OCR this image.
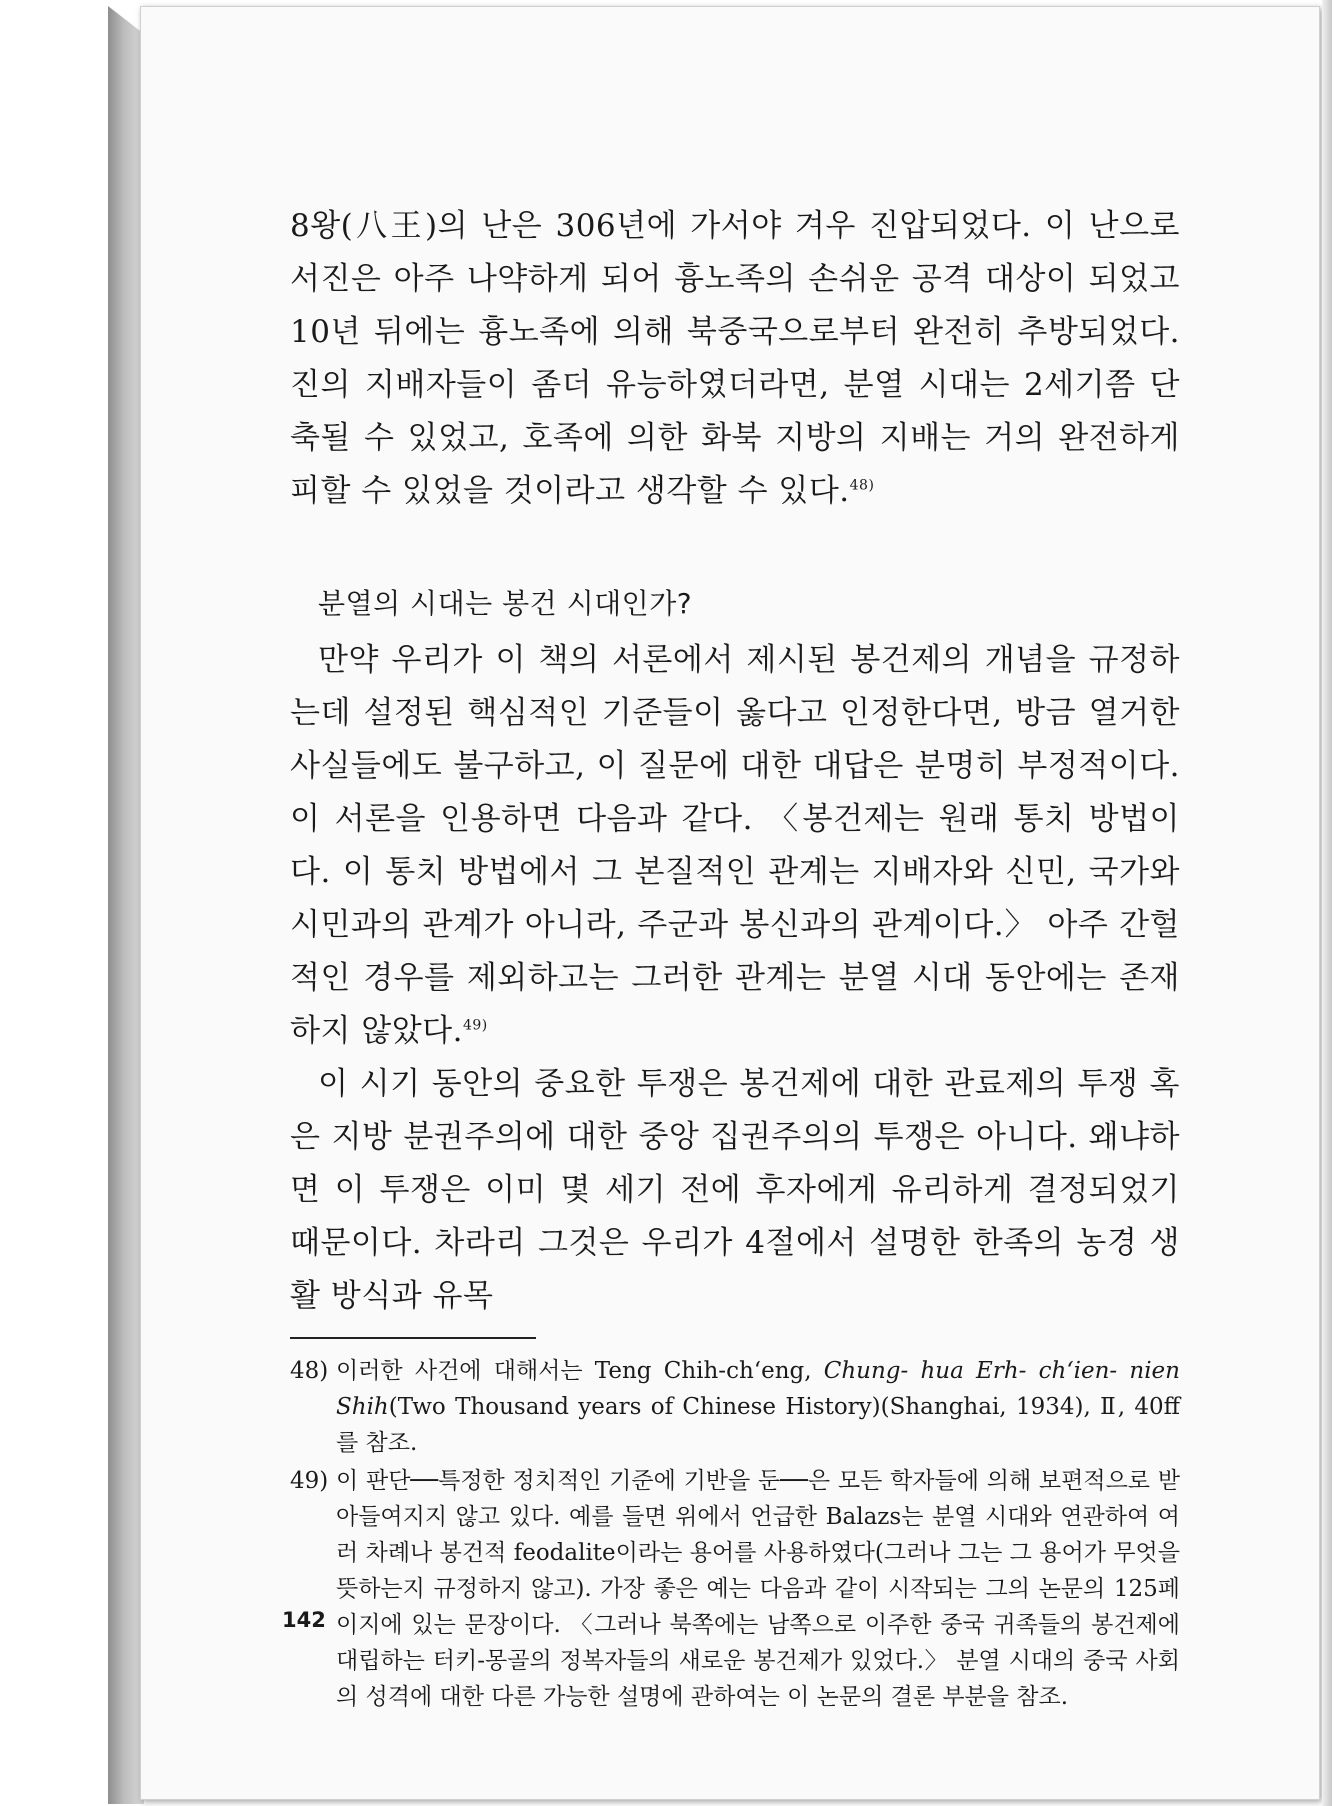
8왕(八王)의 난은 306년에 가서야 겨우 진압되었다. 이 난으로 서진은 아주 나약하게 되어 흉노족의 손쉬운 공격 대상이 되었고 10년 뒤에는 흉노족에 의해 북중국으로부터 완전히 추방되었다. 진의 지배자들이 좀더 유능하였더라면, 분열 시대는 2세기쯤 단축될 수 있었고, 호족에 의한 화북 지방의 지배는 거의 완전하게 피할 수 있었을 것이라고 생각할 수 있다.$^{48)}$

분열의 시대는 봉건 시대인가?

만약 우리가 이 책의 서론에서 제시된 봉건제의 개념을 규정하는데 설정된 핵심적인 기준들이 옳다고 인정한다면, 방금 열거한 사실들에도 불구하고, 이 질문에 대한 대답은 분명히 부정적이다. 이 서론을 인용하면 다음과 같다. 〈봉건제는 원래 통치 방법이다. 이 통치 방법에서 그 본질적인 관계는 지배자와 신민, 국가와 시민과의 관계가 아니라, 주군과 봉신과의 관계이다.〉 아주 간헐적인 경우를 제외하고는 그러한 관계는 분열 시대 동안에는 존재하지 않았다.$^{49)}$

이 시기 동안의 중요한 투쟁은 봉건제에 대한 관료제의 투쟁 혹은 지방 분권주의에 대한 중앙 집권주의의 투쟁은 아니다. 왜냐하면 이 투쟁은 이미 몇 세기 전에 후자에게 유리하게 결정되었기 때문이다. 차라리 그것은 우리가 4절에서 설명한 한족의 농경 생활 방식과 유목

48) 이러한 사건에 대해서는 Teng Chih-ch‘eng, Chung- hua Erh- ch‘ien- nien Shih(Two Thousand years of Chinese History)(Shanghai, 1934), Ⅱ, 40ff를 참조.

49) 이 판단──특정한 정치적인 기준에 기반을 둔──은 모든 학자들에 의해 보편적으로 받아들여지지 않고 있다. 예를 들면 위에서 언급한 Balazs는 분열 시대와 연관하여 여러 차례나 봉건적 feodalite이라는 용어를 사용하였다(그러나 그는 그 용어가 무엇을 뜻하는지 규정하지 않고). 가장 좋은 예는 다음과 같이 시작되는 그의 논문의 125페이지에 있는 문장이다. 〈그러나 북쪽에는 남쪽으로 이주한 중국 귀족들의 봉건제에 대립하는 터키-몽골의 정복자들의 새로운 봉건제가 있었다.〉 분열 시대의 중국 사회의 성격에 대한 다른 가능한 설명에 관하여는 이 논문의 결론 부분을 참조.

142
